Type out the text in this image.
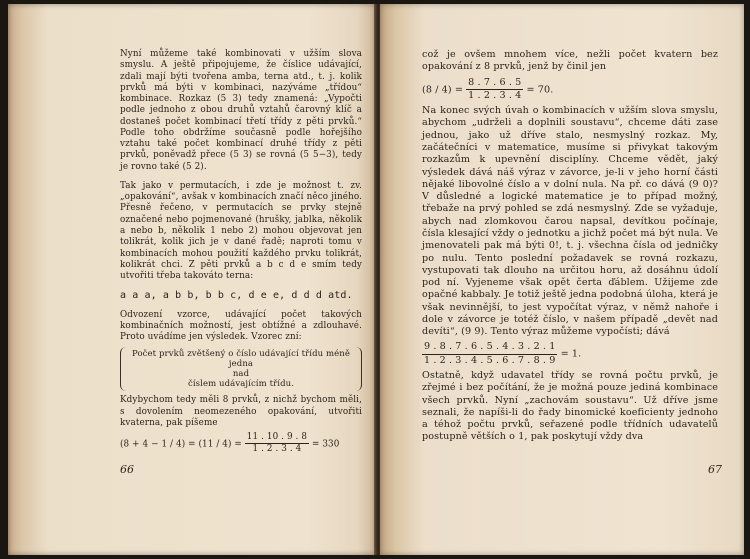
Nyní můžeme také kombinovati v užším slova smyslu. A ještě připojujeme, že číslice udávající, zdali mají býti tvořena amba, terna atd., t. j. kolik prvků má býti v kombinaci, nazýváme „třídou“ kombinace. Rozkaz (5 3) tedy znamená: „Vypočti podle jednoho z obou druhů vztahů čarovný klíč a dostaneš počet kombinací třetí třídy z pěti prvků.“ Podle toho obdržíme současně podle hořejšího vztahu také počet kombinací druhé třídy z pěti prvků, poněvadž přece (5 3) se rovná (5 5−3), tedy je rovno také (5 2).

Tak jako v permutacích, i zde je možnost t. zv. „opakování“, avšak v kombinacích značí něco jiného. Přesně řečeno, v permutacích se prvky stejně označené nebo pojmenované (hrušky, jablka, několik a nebo b, několik 1 nebo 2) mohou objevovat jen tolikrát, kolik jich je v dané řadě; naproti tomu v kombinacích mohou použití každého prvku tolikrát, kolikrát chci. Z pěti prvků a b c d e smím tedy utvořiti třeba takováto terna:

a a a, a b b, b b c, d e e, d d d atd.

Odvození vzorce, udávající počet takových kombinačních možností, jest obtížné a zdlouhavé. Proto uvádíme jen výsledek. Vzorec zní:

Počet prvků zvětšený o číslo udávající třídu méně jedna
nad
číslem udávajícím třídu.

Kdybychom tedy měli 8 prvků, z nichž bychom měli, s dovolením neomezeného opakování, utvořiti kvaterna, pak píšeme

$(8 + 4 - 1 / 4) = (11 / 4) = \frac{11 . 10 . 9 . 8}{1 . 2 . 3 . 4} = 330$
66

což je ovšem mnohem více, nežli počet kvatern bez opakování z 8 prvků, jenž by činil jen

$(8 / 4) = \frac{8 . 7 . 6 . 5}{1 . 2 . 3 . 4} = 70$.

Na konec svých úvah o kombinacích v užším slova smyslu, abychom „udrželi a doplnili soustavu“, chceme dáti zase jednou, jako už dříve stalo, nesmyslný rozkaz. My, začátečníci v matematice, musíme si přivykat takovým rozkazům k upevnění disciplíny. Chceme vědět, jaký výsledek dává náš výraz v závorce, je-li v jeho horní části nějaké libovolné číslo a v dolní nula. Na př. co dává (9 0)? V důsledné a logické matematice je to případ možný, třebaže na prvý pohled se zdá nesmyslný. Zde se vyžaduje, abych nad zlomkovou čarou napsal, devítkou počínaje, čísla klesající vždy o jednotku a jichž počet má být nula. Ve jmenovateli pak má býti 0!, t. j. všechna čísla od jedničky po nulu. Tento poslední požadavek se rovná rozkazu, vystupovati tak dlouho na určitou horu, až dosáhnu údolí pod ní. Vyjeneme však opět čerta ďáblem. Užijeme zde opačné kabbaly. Je totiž ještě jedna podobná úloha, která je však nevinnější, to jest vypočítat výraz, v němž nahoře i dole v závorce je totéž číslo, v našem případě „devět nad devíti“, (9 9). Tento výraz můžeme vypočísti; dává

$\frac{9 . 8 . 7 . 6 . 5 . 4 . 3 . 2 . 1}{1 . 2 . 3 . 4 . 5 . 6 . 7 . 8 . 9} = 1$.

Ostatně, když udavatel třídy se rovná počtu prvků, je zřejmé i bez počítání, že je možná pouze jediná kombinace všech prvků. Nyní „zachovám soustavu“. Už dříve jsme seznali, že napíši-li do řady binomické koeficienty jednoho a téhož počtu prvků, seřazené podle třídních udavatelů postupně větších o 1, pak poskytují vždy dva

67
